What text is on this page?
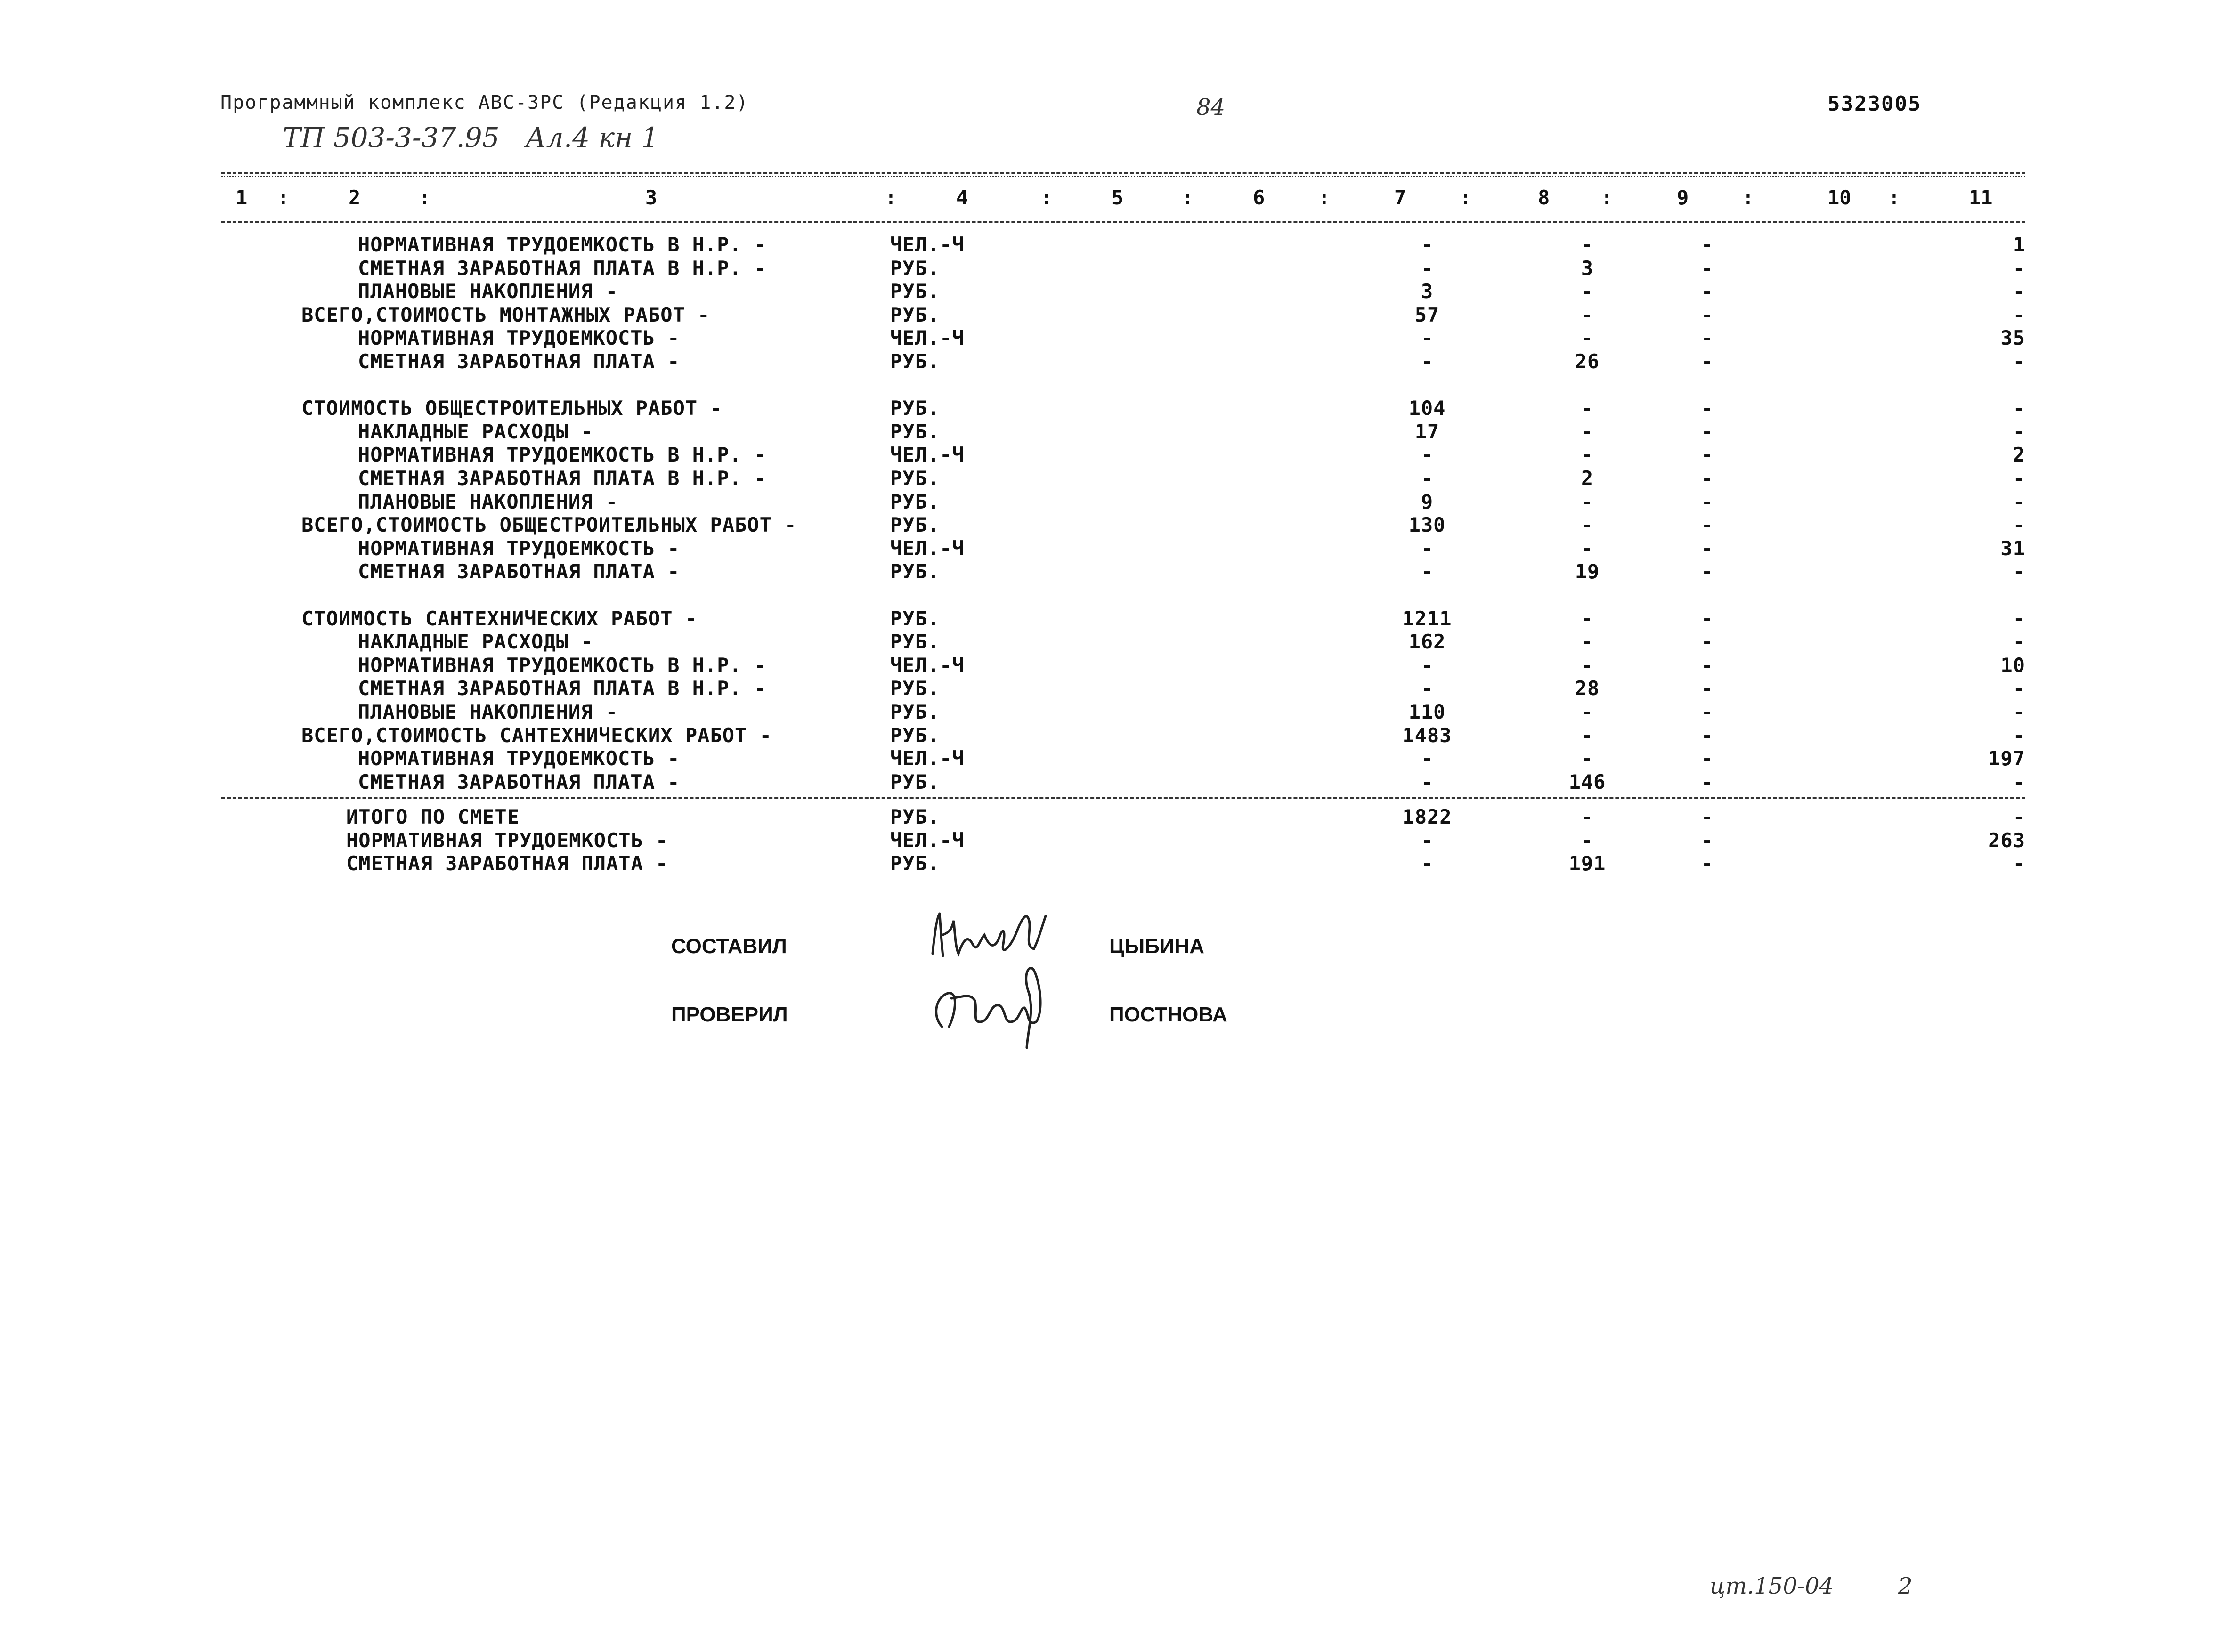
Программный комплекс АВС-ЗРС (Редакция 1.2)
ТП 503-3-37.95   Ал.4 кн 1
84	5323005
1	2	3	4	5	6	7	8	9	10	11
:	:	:	:	:	:	:	:	:	:
НОРМАТИВНАЯ ТРУДОЕМКОСТЬ В Н.Р. -	ЧЕЛ.-Ч	-	-	-	1
СМЕТНАЯ ЗАРАБОТНАЯ ПЛАТА В Н.Р. -	РУБ.	-	3	-	-
ПЛАНОВЫЕ НАКОПЛЕНИЯ -	РУБ.	3	-	-	-
ВСЕГО,СТОИМОСТЬ МОНТАЖНЫХ РАБОТ -	РУБ.	57	-	-	-
НОРМАТИВНАЯ ТРУДОЕМКОСТЬ -	ЧЕЛ.-Ч	-	-	-	35
СМЕТНАЯ ЗАРАБОТНАЯ ПЛАТА -	РУБ.	-	26	-	-
СТОИМОСТЬ ОБЩЕСТРОИТЕЛЬНЫХ РАБОТ -	РУБ.	104	-	-	-
НАКЛАДНЫЕ РАСХОДЫ -	РУБ.	17	-	-	-
НОРМАТИВНАЯ ТРУДОЕМКОСТЬ В Н.Р. -	ЧЕЛ.-Ч	-	-	-	2
СМЕТНАЯ ЗАРАБОТНАЯ ПЛАТА В Н.Р. -	РУБ.	-	2	-	-
ПЛАНОВЫЕ НАКОПЛЕНИЯ -	РУБ.	9	-	-	-
ВСЕГО,СТОИМОСТЬ ОБЩЕСТРОИТЕЛЬНЫХ РАБОТ -	РУБ.	130	-	-	-
НОРМАТИВНАЯ ТРУДОЕМКОСТЬ -	ЧЕЛ.-Ч	-	-	-	31
СМЕТНАЯ ЗАРАБОТНАЯ ПЛАТА -	РУБ.	-	19	-	-
СТОИМОСТЬ САНТЕХНИЧЕСКИХ РАБОТ -	РУБ.	1211	-	-	-
НАКЛАДНЫЕ РАСХОДЫ -	РУБ.	162	-	-	-
НОРМАТИВНАЯ ТРУДОЕМКОСТЬ В Н.Р. -	ЧЕЛ.-Ч	-	-	-	10
СМЕТНАЯ ЗАРАБОТНАЯ ПЛАТА В Н.Р. -	РУБ.	-	28	-	-
ПЛАНОВЫЕ НАКОПЛЕНИЯ -	РУБ.	110	-	-	-
ВСЕГО,СТОИМОСТЬ САНТЕХНИЧЕСКИХ РАБОТ -	РУБ.	1483	-	-	-
НОРМАТИВНАЯ ТРУДОЕМКОСТЬ -	ЧЕЛ.-Ч	-	-	-	197
СМЕТНАЯ ЗАРАБОТНАЯ ПЛАТА -	РУБ.	-	146	-	-
ИТОГО ПО СМЕТЕ	РУБ.	1822	-	-	-
НОРМАТИВНАЯ ТРУДОЕМКОСТЬ -	ЧЕЛ.-Ч	-	-	-	263
СМЕТНАЯ ЗАРАБОТНАЯ ПЛАТА -	РУБ.	-	191	-	-
СОСТАВИЛ	ЦЫБИНА
ПРОВЕРИЛ	ПОСТНОВА
цт.150-04	2
